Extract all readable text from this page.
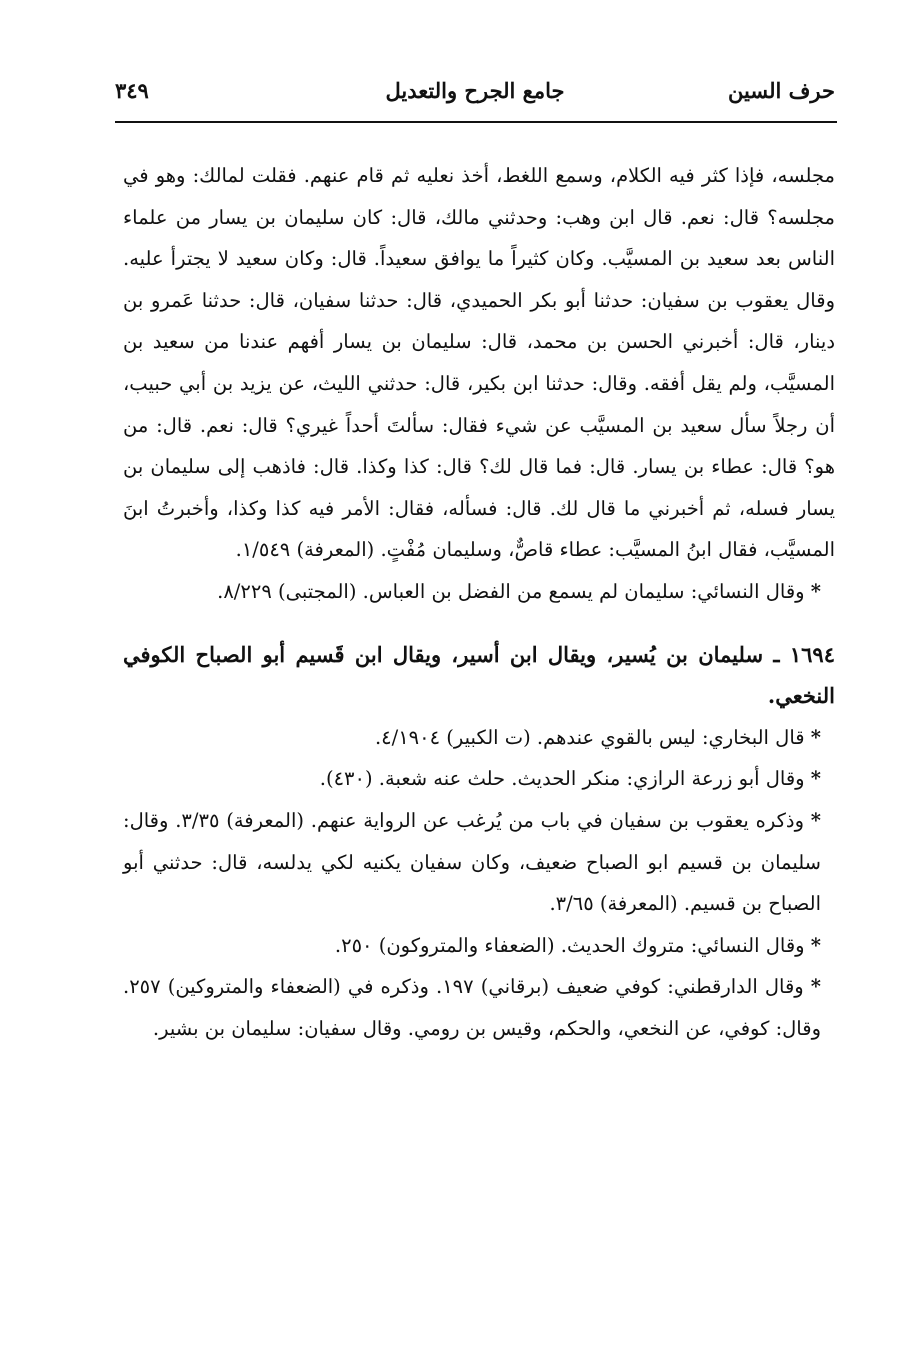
حرف السين
جامع الجرح والتعديل
٣٤٩

مجلسه، فإذا كثر فيه الكلام، وسمع اللغط، أخذ نعليه ثم قام عنهم. فقلت لمالك: وهو في مجلسه؟ قال: نعم. قال ابن وهب: وحدثني مالك، قال: كان سليمان بن يسار من علماء الناس بعد سعيد بن المسيَّب. وكان كثيراً ما يوافق سعيداً. قال: وكان سعيد لا يجترأ عليه. وقال يعقوب بن سفيان: حدثنا أبو بكر الحميدي، قال: حدثنا سفيان، قال: حدثنا عَمرو بن دينار، قال: أخبرني الحسن بن محمد، قال: سليمان بن يسار أفهم عندنا من سعيد بن المسيَّب، ولم يقل أفقه. وقال: حدثنا ابن بكير، قال: حدثني الليث، عن يزيد بن أبي حبيب، أن رجلاً سأل سعيد بن المسيَّب عن شيء فقال: سألتَ أحداً غيري؟ قال: نعم. قال: من هو؟ قال: عطاء بن يسار. قال: فما قال لك؟ قال: كذا وكذا. قال: فاذهب إلى سليمان بن يسار فسله، ثم أخبرني ما قال لك. قال: فسأله، فقال: الأمر فيه كذا وكذا، وأخبرتُ ابنَ المسيَّب، فقال ابنُ المسيَّب: عطاء قاصٌّ، وسليمان مُفْتٍ. (المعرفة) ١/٥٤٩.

* وقال النسائي: سليمان لم يسمع من الفضل بن العباس. (المجتبى) ٨/٢٢٩.

١٦٩٤ ـ سليمان بن يُسير، ويقال ابن أسير، ويقال ابن قَسيم أبو الصباح الكوفي النخعي.

* قال البخاري: ليس بالقوي عندهم. (ت الكبير) ٤/١٩٠٤.

* وقال أبو زرعة الرازي: منكر الحديث. حلث عنه شعبة. (٤٣٠).

* وذكره يعقوب بن سفيان في باب من يُرغب عن الرواية عنهم. (المعرفة) ٣/٣٥. وقال: سليمان بن قسيم ابو الصباح ضعيف، وكان سفيان يكنيه لكي يدلسه، قال: حدثني أبو الصباح بن قسيم. (المعرفة) ٣/٦٥.

* وقال النسائي: متروك الحديث. (الضعفاء والمتروكون) ٢٥٠.

* وقال الدارقطني: كوفي ضعيف (برقاني) ١٩٧. وذكره في (الضعفاء والمتروكين) ٢٥٧. وقال: كوفي، عن النخعي، والحكم، وقيس بن رومي. وقال سفيان: سليمان بن بشير.
